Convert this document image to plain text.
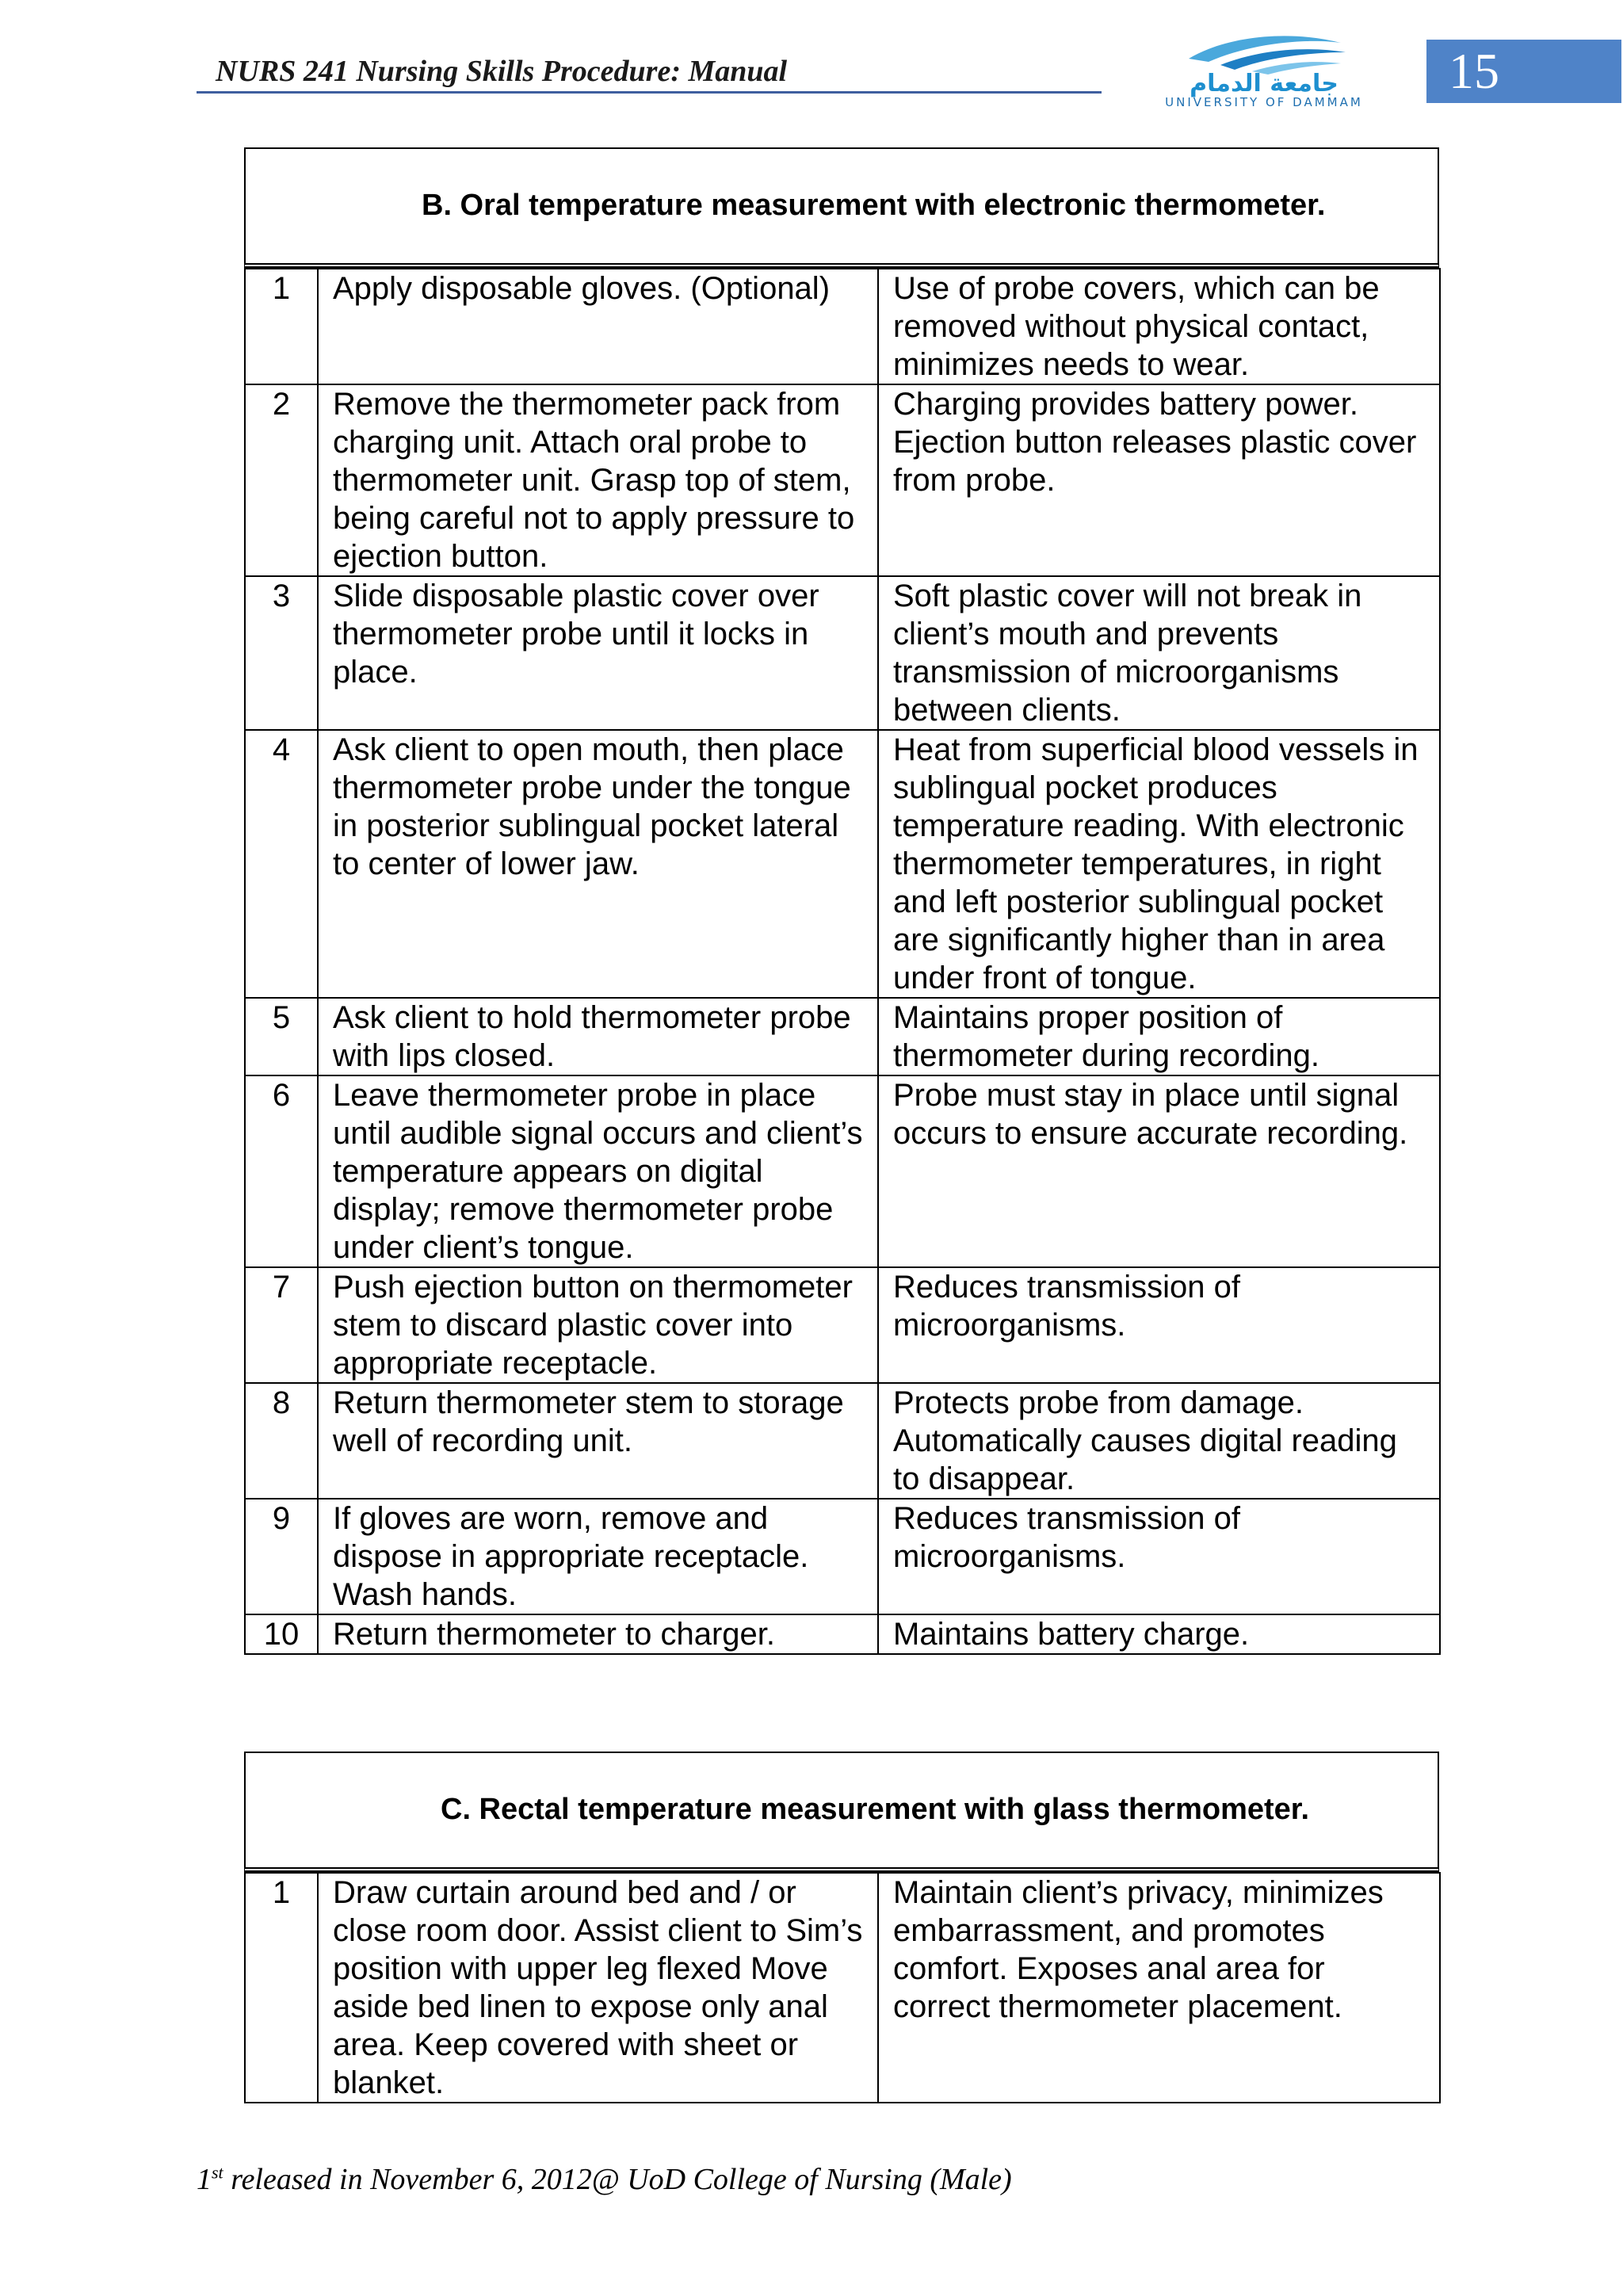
NURS 241 Nursing Skills Procedure: Manual	جامعة الدمام
UNIVERSITY OF DAMMAM
15
B. Oral temperature measurement with electronic thermometer.
1	Apply disposable gloves. (Optional)	Use of probe covers, which can be removed without physical contact, minimizes needs to wear.
2	Remove the thermometer pack from charging unit. Attach oral probe to thermometer unit. Grasp top of stem, being careful not to apply pressure to ejection button.	Charging provides battery power. Ejection button releases plastic cover from probe.
3	Slide disposable plastic cover over thermometer probe until it locks in place.	Soft plastic cover will not break in client’s mouth and prevents transmission of microorganisms between clients.
4	Ask client to open mouth, then place thermometer probe under the tongue in posterior sublingual pocket lateral to center of lower jaw.	Heat from superficial blood vessels in sublingual pocket produces temperature reading. With electronic thermometer temperatures, in right and left posterior sublingual pocket are significantly higher than in area under front of tongue.
5	Ask client to hold thermometer probe with lips closed.	Maintains proper position of thermometer during recording.
6	Leave thermometer probe in place until audible signal occurs and client’s temperature appears on digital display; remove thermometer probe under client’s tongue.	Probe must stay in place until signal occurs to ensure accurate recording.
7	Push ejection button on thermometer stem to discard plastic cover into appropriate receptacle.	Reduces transmission of microorganisms.
8	Return thermometer stem to storage well of recording unit.	Protects probe from damage. Automatically causes digital reading to disappear.
9	If gloves are worn, remove and dispose in appropriate receptacle. Wash hands.	Reduces transmission of microorganisms.
10	Return thermometer to charger.	Maintains battery charge.
C. Rectal temperature measurement with glass thermometer.
1	Draw curtain around bed and / or close room door. Assist client to Sim’s position with upper leg flexed Move aside bed linen to expose only anal area. Keep covered with sheet or blanket.	Maintain client’s privacy, minimizes embarrassment, and promotes comfort. Exposes anal area for correct thermometer placement.
1st released in November 6, 2012@ UoD College of Nursing (Male)
